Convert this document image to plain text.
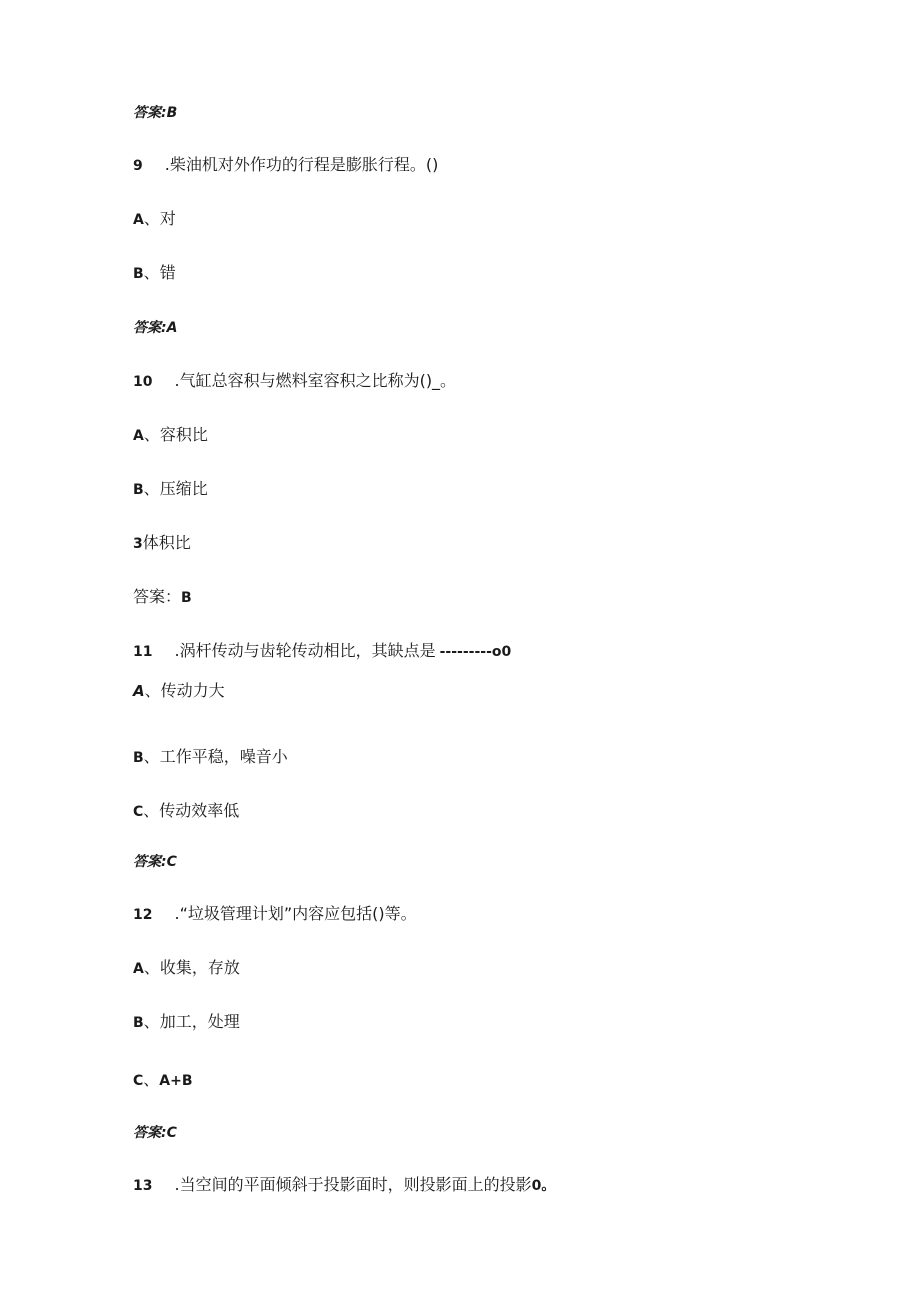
答案:B
9 .柴油机对外作功的行程是膨胀行程。()
A、对
B、错
答案:A
10 .气缸总容积与燃料室容积之比称为()_。
A、容积比
B、压缩比
3体积比
答案：B
11 .涡杆传动与齿轮传动相比，其缺点是 ---------o0
A、传动力大
B、工作平稳，噪音小
C、传动效率低
答案:C
12 .“垃圾管理计划”内容应包括()等。
A、收集，存放
B、加工，处理
C、A+B
答案:C
13 .当空间的平面倾斜于投影面时，则投影面上的投影0。
